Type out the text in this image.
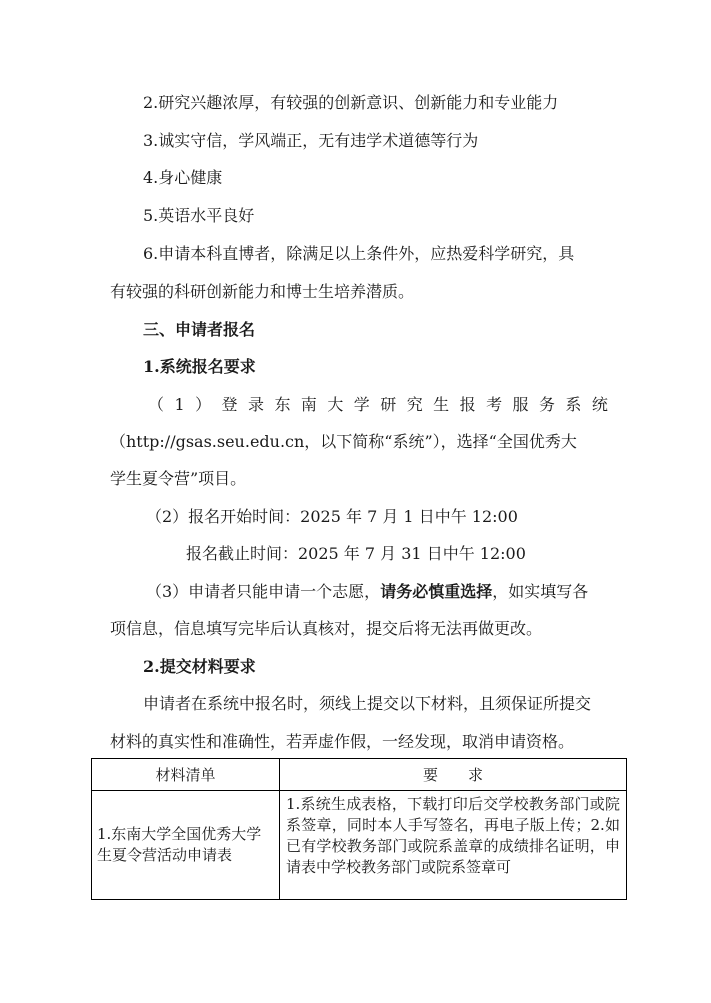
2.研究兴趣浓厚，有较强的创新意识、创新能力和专业能力
3.诚实守信，学风端正，无有违学术道德等行为
4.身心健康
5.英语水平良好
6.申请本科直博者，除满足以上条件外，应热爱科学研究，具
有较强的科研创新能力和博士生培养潜质。
三、申请者报名
1.系统报名要求
（ 1 ） 登 录 东 南 大 学 研 究 生 报 考 服 务 系 统
（http://gsas.seu.edu.cn，以下简称“系统”），选择“全国优秀大
学生夏令营”项目。
（2）报名开始时间：2025 年 7 月 1 日中午 12:00
报名截止时间：2025 年 7 月 31 日中午 12:00
（3）申请者只能申请一个志愿，请务必慎重选择，如实填写各
项信息，信息填写完毕后认真核对，提交后将无法再做更改。
2.提交材料要求
申请者在系统中报名时，须线上提交以下材料，且须保证所提交
材料的真实性和准确性，若弄虚作假，一经发现，取消申请资格。
材料清单	要　　求
1.东南大学全国优秀大学生夏令营活动申请表	1.系统生成表格，下载打印后交学校教务部门或院系签章，同时本人手写签名，再电子版上传；2.如已有学校教务部门或院系盖章的成绩排名证明，申请表中学校教务部门或院系签章可
